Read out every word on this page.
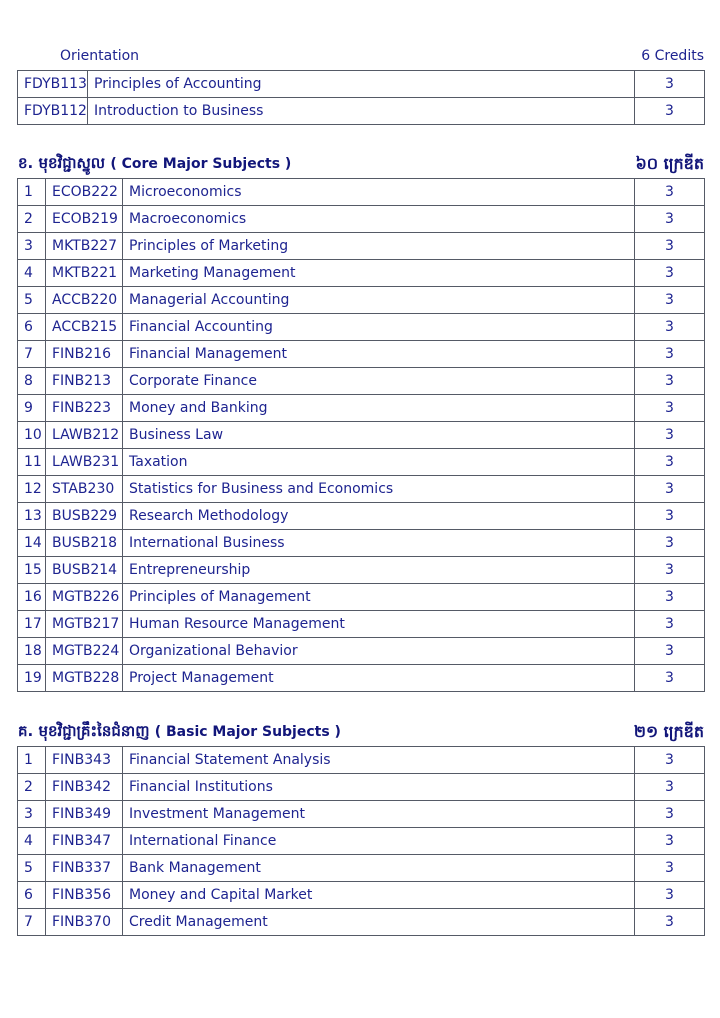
Orientation	6 Credits
FDYB113	Principles of Accounting	3
FDYB112	Introduction to Business	3
ខ. មុខវិជ្ជាស្នូល ( Core Major Subjects )	៦០ ក្រេឌីត
1	ECOB222	Microeconomics	3
2	ECOB219	Macroeconomics	3
3	MKTB227	Principles of Marketing	3
4	MKTB221	Marketing Management	3
5	ACCB220	Managerial Accounting	3
6	ACCB215	Financial Accounting	3
7	FINB216	Financial Management	3
8	FINB213	Corporate Finance	3
9	FINB223	Money and Banking	3
10	LAWB212	Business Law	3
11	LAWB231	Taxation	3
12	STAB230	Statistics for Business and Economics	3
13	BUSB229	Research Methodology	3
14	BUSB218	International Business	3
15	BUSB214	Entrepreneurship	3
16	MGTB226	Principles of Management	3
17	MGTB217	Human Resource Management	3
18	MGTB224	Organizational Behavior	3
19	MGTB228	Project Management	3
គ. មុខវិជ្ជាគ្រឹះនៃជំនាញ ( Basic Major Subjects )	២១ ក្រេឌីត
1	FINB343	Financial Statement Analysis	3
2	FINB342	Financial Institutions	3
3	FINB349	Investment Management	3
4	FINB347	International Finance	3
5	FINB337	Bank Management	3
6	FINB356	Money and Capital Market	3
7	FINB370	Credit Management	3
